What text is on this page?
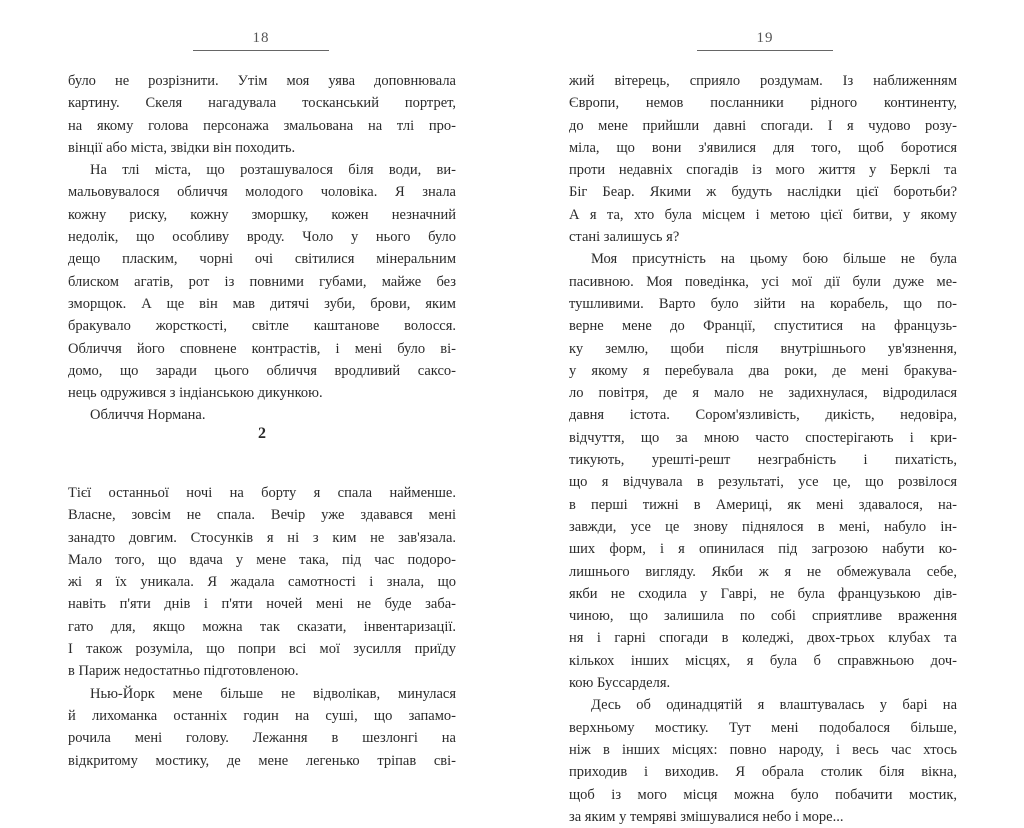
18
було не розрізнити. Утім моя уява доповнювала
картину. Скеля нагадувала тосканський портрет,
на якому голова персонажа змальована на тлі про-
вінції або міста, звідки він походить.
На тлі міста, що розташувалося біля води, ви-
мальовувалося обличчя молодого чоловіка. Я знала
кожну риску, кожну зморшку, кожен незначний
недолік, що особливу вроду. Чоло у нього було
дещо пласким, чорні очі світилися мінеральним
блиском агатів, рот із повними губами, майже без
зморщок. А ще він мав дитячі зуби, брови, яким
бракувало жорсткості, світле каштанове волосся.
Обличчя його сповнене контрастів, і мені було ві-
домо, що заради цього обличчя вродливий саксо-
нець одружився з індіанською дикункою.
Обличчя Нормана.
2
Тієї останньої ночі на борту я спала найменше.
Власне, зовсім не спала. Вечір уже здавався мені
занадто довгим. Стосунків я ні з ким не зав'язала.
Мало того, що вдача у мене така, під час подоро-
жі я їх уникала. Я жадала самотності і знала, що
навіть п'яти днів і п'яти ночей мені не буде заба-
гато для, якщо можна так сказати, інвентаризації.
І також розуміла, що попри всі мої зусилля приїду
в Париж недостатньо підготовленою.
Нью-Йорк мене більше не відволікав, минулася
й лихоманка останніх годин на суші, що запамо-
рочила мені голову. Лежання в шезлонгі на
відкритому мостику, де мене легенько тріпав сві-
19
жий вітерець, сприяло роздумам. Із наближенням
Європи, немов посланники рідного континенту,
до мене прийшли давні спогади. І я чудово розу-
міла, що вони з'явилися для того, щоб боротися
проти недавніх спогадів із мого життя у Берклі та
Біг Беар. Якими ж будуть наслідки цієї боротьби?
А я та, хто була місцем і метою цієї битви, у якому
стані залишусь я?
Моя присутність на цьому бою більше не була
пасивною. Моя поведінка, усі мої дії були дуже ме-
тушливими. Варто було зійти на корабель, що по-
верне мене до Франції, спуститися на французь-
ку землю, щоби після внутрішнього ув'язнення,
у якому я перебувала два роки, де мені бракува-
ло повітря, де я мало не задихнулася, відродилася
давня істота. Сором'язливість, дикість, недовіра,
відчуття, що за мною часто спостерігають і кри-
тикують, урешті-решт незграбність і пихатість,
що я відчувала в результаті, усе це, що розвілося
в перші тижні в Америці, як мені здавалося, на-
завжди, усе це знову піднялося в мені, набуло ін-
ших форм, і я опинилася під загрозою набути ко-
лишнього вигляду. Якби ж я не обмежувала себе,
якби не сходила у Гаврі, не була французькою дів-
чиною, що залишила по собі сприятливе враження
ня і гарні спогади в коледжі, двох-трьох клубах та
кількох інших місцях, я була б справжньою доч-
кою Буссарделя.
Десь об одинадцятій я влаштувалась у барі на
верхньому мостику. Тут мені подобалося більше,
ніж в інших місцях: повно народу, і весь час хтось
приходив і виходив. Я обрала столик біля вікна,
щоб із мого місця можна було побачити мостик,
за яким у темряві змішувалися небо і море...
